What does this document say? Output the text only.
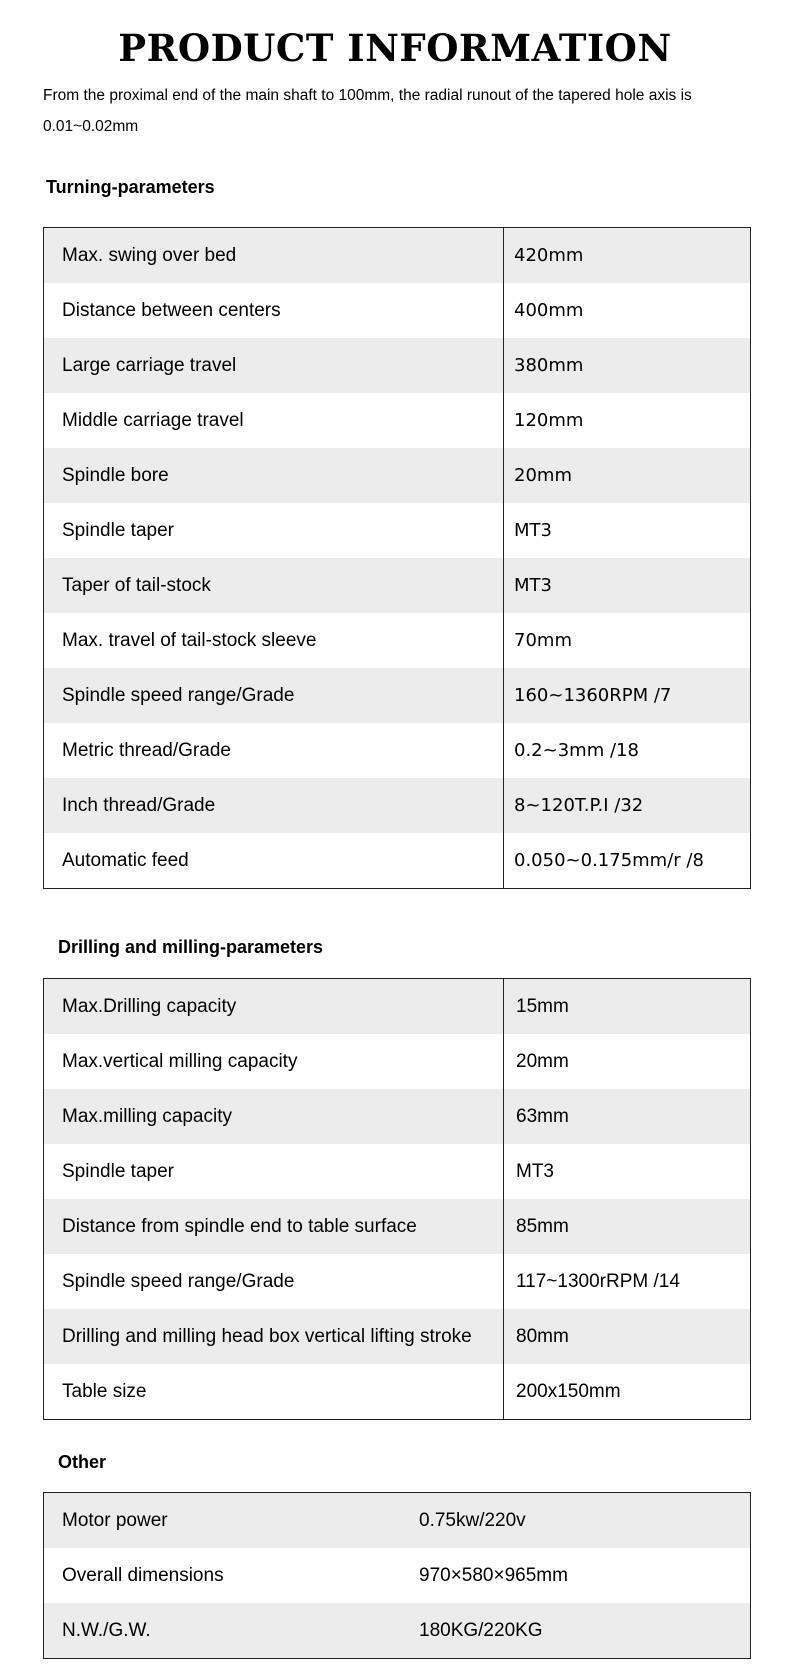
PRODUCT INFORMATION

From the proximal end of the main shaft to 100mm, the radial runout of the tapered hole axis is 0.01~0.02mm

Turning-parameters
Max. swing over bed	420mm
Distance between centers	400mm
Large carriage travel	380mm
Middle carriage travel	120mm
Spindle bore	20mm
Spindle taper	MT3
Taper of tail-stock	MT3
Max. travel of tail-stock sleeve	70mm
Spindle speed range/Grade	160~1360RPM /7
Metric thread/Grade	0.2~3mm /18
Inch thread/Grade	8~120T.P.I /32
Automatic feed	0.050~0.175mm/r /8
Drilling and milling-parameters
Max.Drilling capacity	15mm
Max.vertical milling capacity	20mm
Max.milling capacity	63mm
Spindle taper	MT3
Distance from spindle end to table surface	85mm
Spindle speed range/Grade	117~1300rRPM /14
Drilling and milling head box vertical lifting stroke	80mm
Table size	200x150mm
Other
Motor power	0.75kw/220v
Overall dimensions	970×580×965mm
N.W./G.W.	180KG/220KG
